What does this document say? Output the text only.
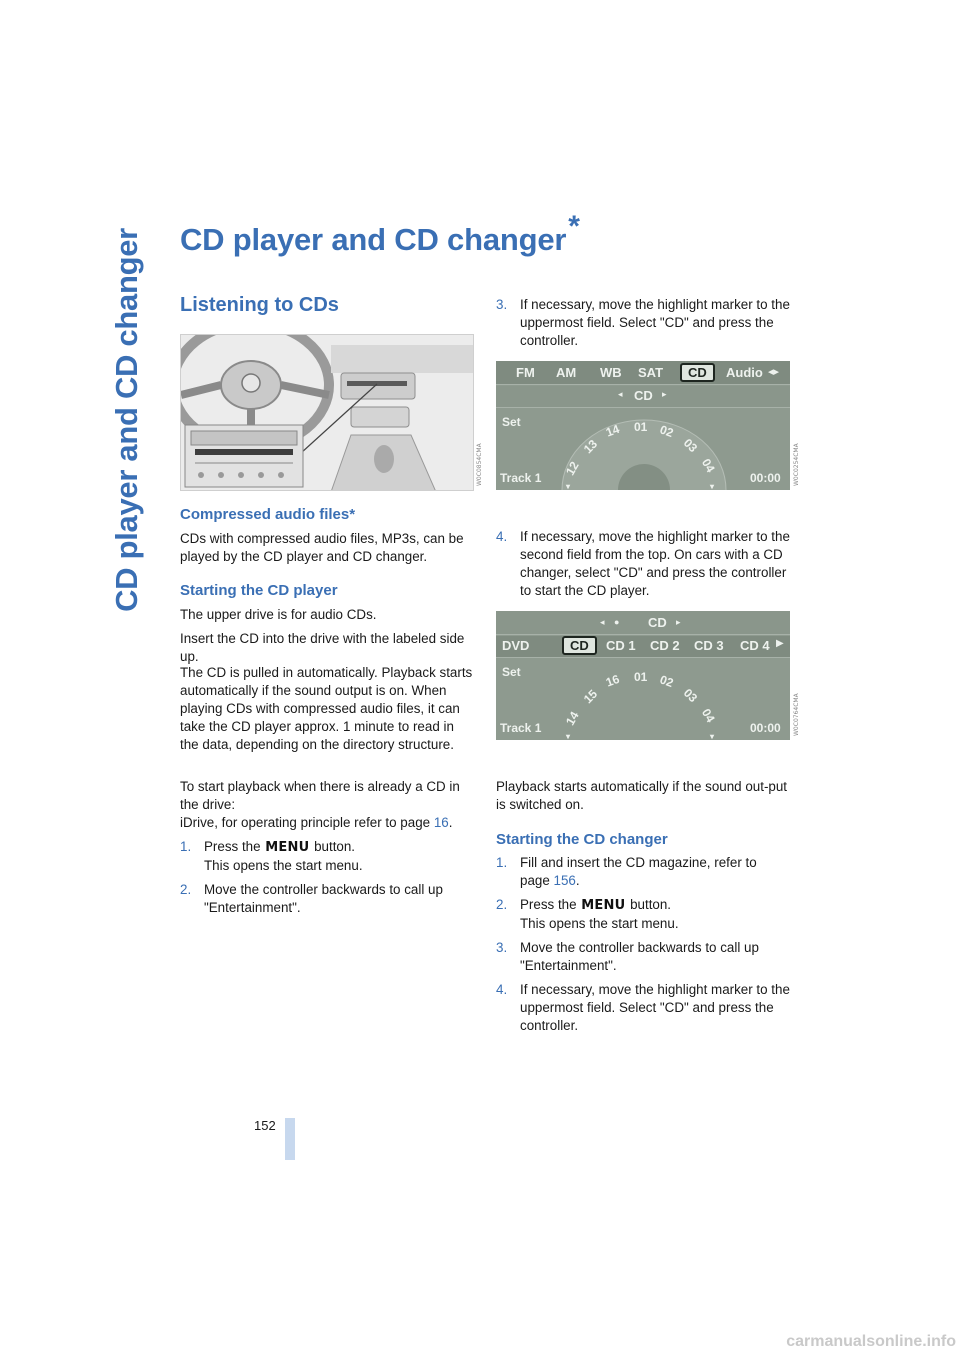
CD player and CD changer CD player and CD changer*
Listening to CDs
W0C0854CMA
Compressed audio files*

CDs with compressed audio files, MP3s, can be played by the CD player and CD changer.

Starting the CD player

The upper drive is for audio CDs.

Insert the CD into the drive with the labeled side up.

The CD is pulled in automatically. Playback starts automatically if the sound output is on. When playing CDs with compressed audio files, it can take the CD player approx. 1 minute to read in the data, depending on the directory structure.

To start playback when there is already a CD in the drive:

iDrive, for operating principle refer to page 16.

1. Press the MENU button.
This opens the start menu.
2. Move the controller backwards to call up "Entertainment".
3. If necessary, move the highlight marker to the uppermost field. Select "CD" and press the controller.
FM AM WB SAT	CD	Audio ◂▸
◂ CD ▸
Set
12
13
14 01 02
03
04
▾	▾
Track 1	00:00 W0C0254CMA
4. If necessary, move the highlight marker to the second field from the top. On cars with a CD changer, select "CD" and press the controller to start the CD player.
◂ ● CD ▸
DVD	CD	CD 1 CD 2 CD 3 CD 4 ▶
Set
14
15
16 01 02
03
04
▾	▾
Track 1	00:00 W0C0764CMA

Playback starts automatically if the sound out-put is switched on.

Starting the CD changer
1. Fill and insert the CD magazine, refer to page 156.
2. Press the MENU button.
This opens the start menu.
3. Move the controller backwards to call up "Entertainment".
4. If necessary, move the highlight marker to the uppermost field. Select "CD" and press the controller.
152
carmanualsonline.info
